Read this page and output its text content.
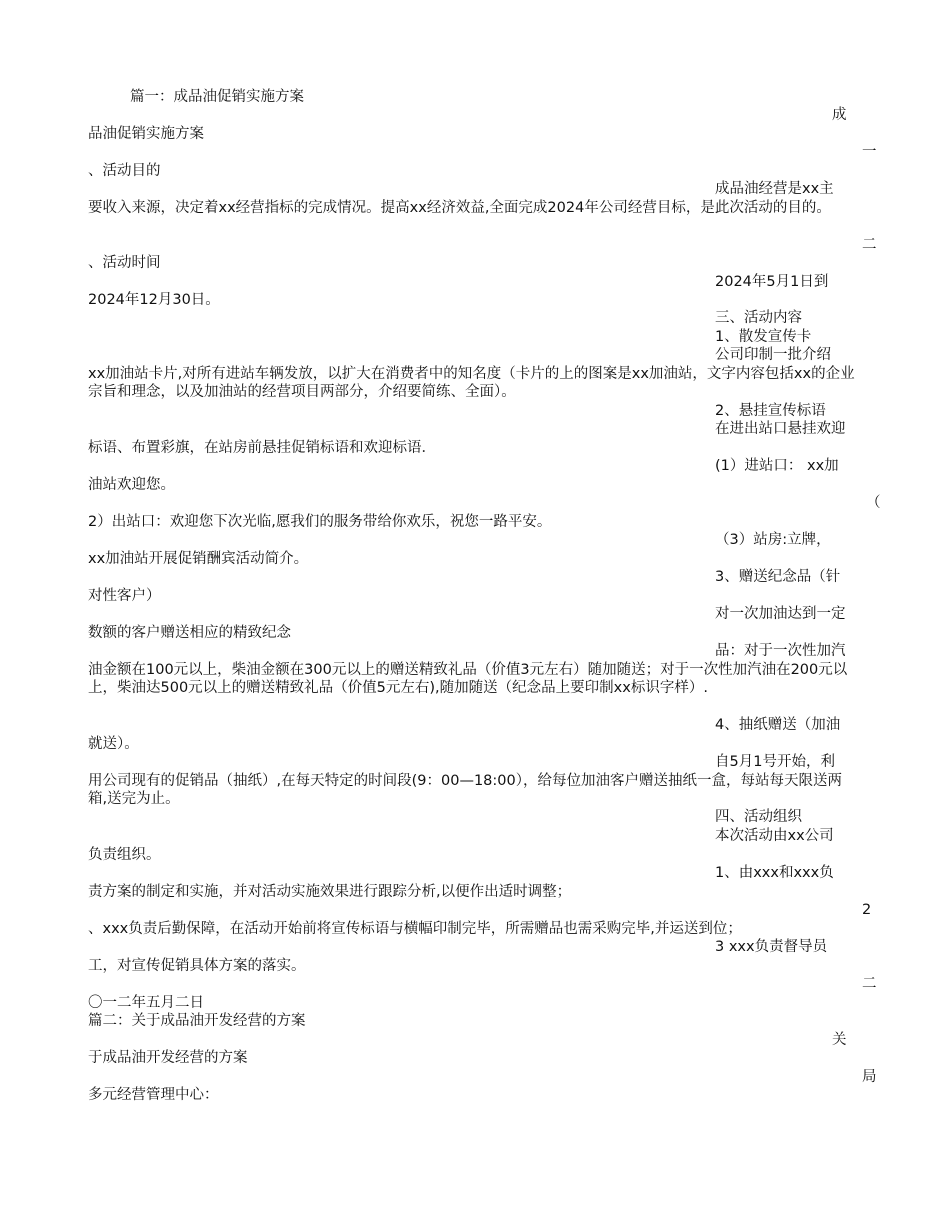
篇一：成品油促销实施方案
成
品油促销实施方案
一
、活动目的
成品油经营是xx主
要收入来源，决定着xx经营指标的完成情况。提高xx经济效益,全面完成2024年公司经营目标，是此次活动的目的。
二
、活动时间
2024年5月1日到
2024年12月30日。
三、活动内容
1、散发宣传卡
公司印制一批介绍
xx加油站卡片,对所有进站车辆发放，以扩大在消费者中的知名度（卡片的上的图案是xx加油站，文字内容包括xx的企业宗旨和理念，以及加油站的经营项目两部分，介绍要简练、全面）。
2、悬挂宣传标语
在进出站口悬挂欢迎
标语、布置彩旗，在站房前悬挂促销标语和欢迎标语．
(1）进站口： xx加
油站欢迎您。
（
2）出站口：欢迎您下次光临,愿我们的服务带给你欢乐，祝您一路平安。
（3）站房:立牌，
xx加油站开展促销酬宾活动简介。
3、赠送纪念品（针
对性客户）
对一次加油达到一定
数额的客户赠送相应的精致纪念
品：对于一次性加汽
油金额在100元以上，柴油金额在300元以上的赠送精致礼品（价值3元左右）随加随送；对于一次性加汽油在200元以上，柴油达500元以上的赠送精致礼品（价值5元左右),随加随送（纪念品上要印制xx标识字样）.
4、抽纸赠送（加油
就送）。
自5月1号开始，利
用公司现有的促销品（抽纸）,在每天特定的时间段(9：00—18:00），给每位加油客户赠送抽纸一盒，每站每天限送两箱,送完为止。
四、活动组织
本次活动由xx公司
负责组织。
1、由xxx和xxx负
责方案的制定和实施，并对活动实施效果进行跟踪分析,以便作出适时调整；
2
、xxx负责后勤保障，在活动开始前将宣传标语与横幅印制完毕，所需赠品也需采购完毕,并运送到位；
3 xxx负责督导员
工，对宣传促销具体方案的落实。
二
〇一二年五月二日
篇二：关于成品油开发经营的方案
关
于成品油开发经营的方案
局
多元经营管理中心：
